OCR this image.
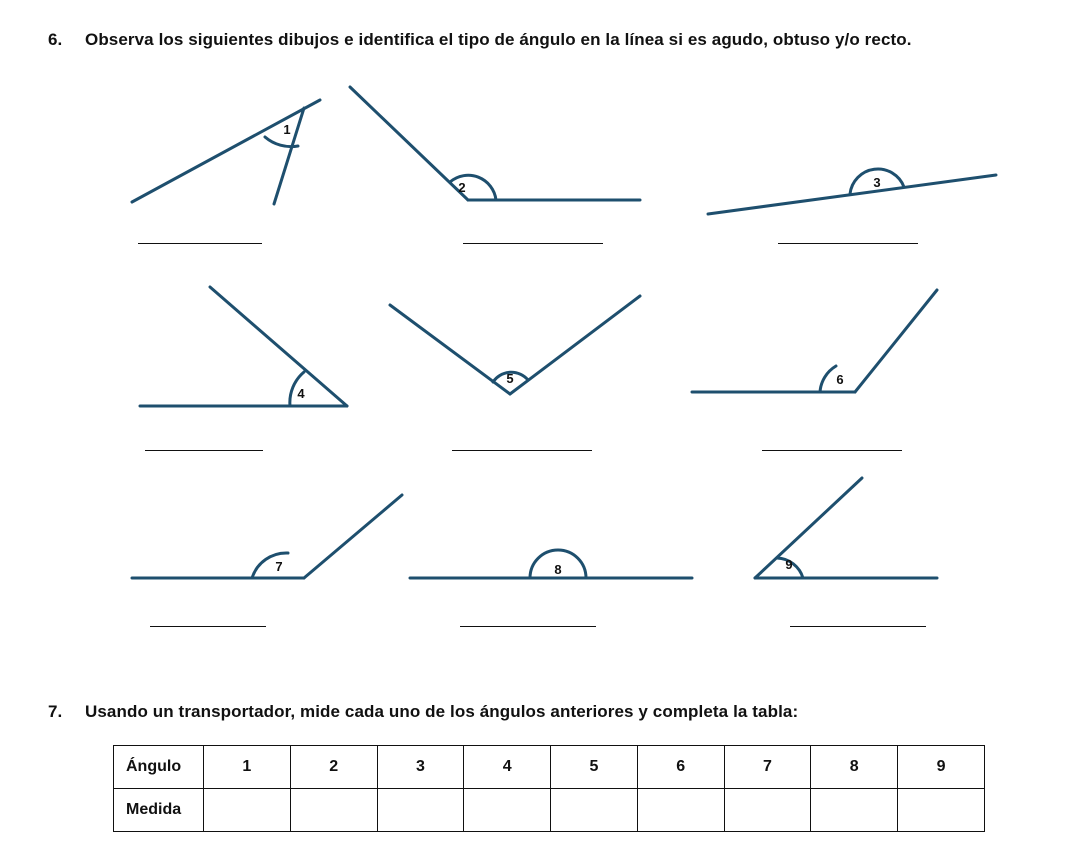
6. Observa los siguientes dibujos e identifica el tipo de ángulo en la línea si es agudo, obtuso y/o recto.
1
2	3
4
5	6
7	8	9
7. Usando un transportador, mide cada uno de los ángulos anteriores y completa la tabla:
Ángulo	1	2	3	4	5	6	7	8	9
Medida									
